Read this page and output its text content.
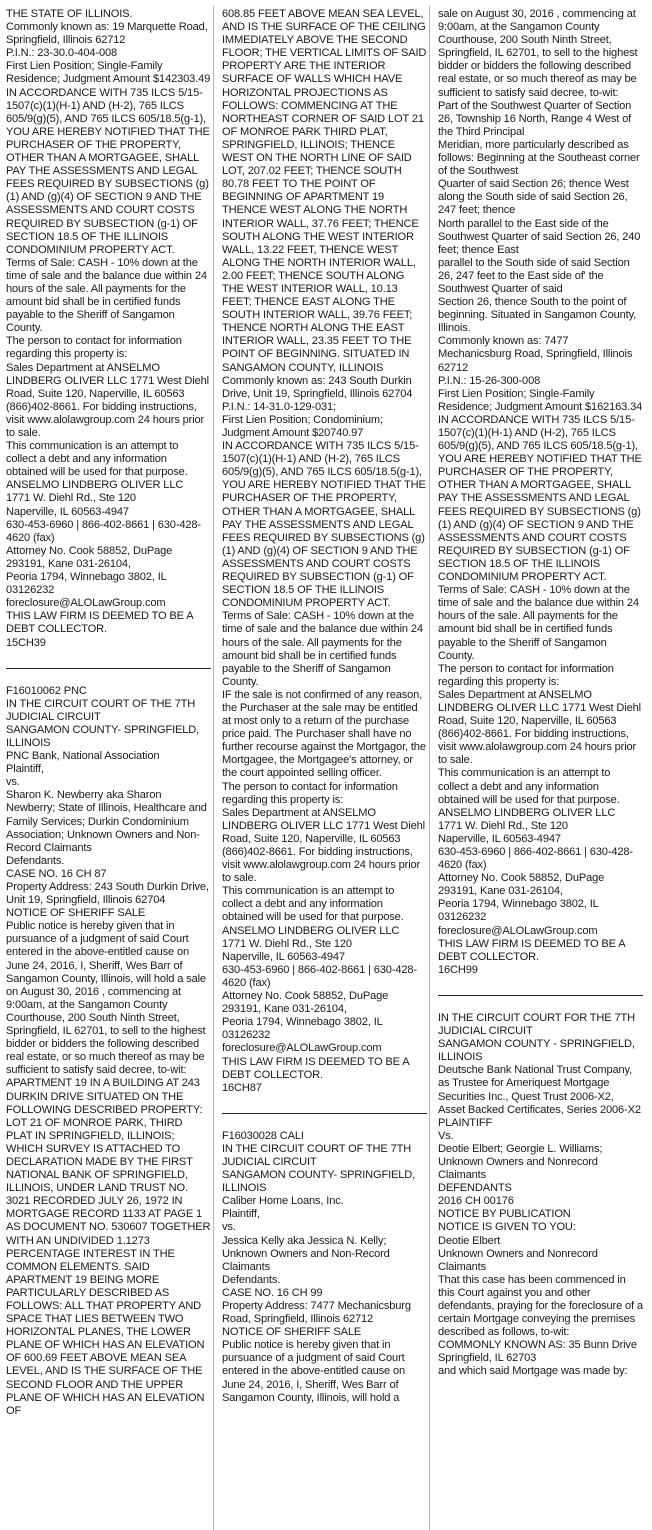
THE STATE OF ILLINOIS.

Commonly known as: 19 Marquette Road, Springfield, Illinois 62712

P.I.N.: 23-30.0-404-008

First Lien Position; Single-Family Residence; Judgment Amount $142303.49

IN ACCORDANCE WITH 735 ILCS 5/15-1507(c)(1)(H-1) AND (H-2), 765 ILCS 605/9(g)(5), AND 765 ILCS 605/18.5(g-1), YOU ARE HEREBY NOTIFIED THAT THE PURCHASER OF THE PROPERTY, OTHER THAN A MORTGAGEE, SHALL PAY THE ASSESSMENTS AND LEGAL FEES REQUIRED BY SUBSECTIONS (g)(1) AND (g)(4) OF SECTION 9 AND THE ASSESSMENTS AND COURT COSTS REQUIRED BY SUBSECTION (g-1) OF SECTION 18.5 OF THE ILLINOIS CONDOMINIUM PROPERTY ACT.

Terms of Sale: CASH - 10% down at the time of sale and the balance due within 24 hours of the sale. All payments for the amount bid shall be in certified funds payable to the Sheriff of Sangamon County.

The person to contact for information regarding this property is:

Sales Department at ANSELMO LINDBERG OLIVER LLC 1771 West Diehl Road, Suite 120, Naperville, IL 60563 (866)402-8661. For bidding instructions, visit www.alolawgroup.com 24 hours prior to sale.

This communication is an attempt to collect a debt and any information obtained will be used for that purpose.

ANSELMO LINDBERG OLIVER LLC

1771 W. Diehl Rd., Ste 120

Naperville, IL 60563-4947

630-453-6960 | 866-402-8661 | 630-428-4620 (fax)

Attorney No. Cook 58852, DuPage 293191, Kane 031-26104,

Peoria 1794, Winnebago 3802, IL 03126232

foreclosure@ALOLawGroup.com

THIS LAW FIRM IS DEEMED TO BE A DEBT COLLECTOR.

15CH39

F16010062 PNC

IN THE CIRCUIT COURT OF THE 7TH JUDICIAL CIRCUIT

SANGAMON COUNTY- SPRINGFIELD, ILLINOIS

PNC Bank, National Association

Plaintiff,

vs.

Sharon K. Newberry aka Sharon Newberry; State of Illinois, Healthcare and Family Services; Durkin Condominium Association; Unknown Owners and Non-Record Claimants

Defendants.

CASE NO. 16 CH 87

Property Address: 243 South Durkin Drive, Unit 19, Springfield, Illinois 62704

NOTICE OF SHERIFF SALE

Public notice is hereby given that in pursuance of a judgment of said Court entered in the above-entitled cause on June 24, 2016, I, Sheriff, Wes Barr of Sangamon County, Illinois, will hold a sale on August 30, 2016 , commencing at 9:00am, at the Sangamon County Courthouse, 200 South Ninth Street, Springfield, IL 62701, to sell to the highest bidder or bidders the following described real estate, or so much thereof as may be sufficient to satisfy said decree, to-wit:

APARTMENT 19 IN A BUILDING AT 243 DURKIN DRIVE SITUATED ON THE FOLLOWING DESCRIBED PROPERTY: LOT 21 OF MONROE PARK, THIRD PLAT IN SPRINGFIELD, ILLINOIS; WHICH SURVEY IS ATTACHED TO DECLARATION MADE BY THE FIRST NATIONAL BANK OF SPRINGFIELD, ILLINOIS, UNDER LAND TRUST NO. 3021 RECORDED JULY 26, 1972 IN MORTGAGE RECORD 1133 AT PAGE 1 AS DOCUMENT NO. 530607 TOGETHER WITH AN UNDIVIDED 1.1273 PERCENTAGE INTEREST IN THE COMMON ELEMENTS. SAID APARTMENT 19 BEING MORE PARTICULARLY DESCRIBED AS FOLLOWS: ALL THAT PROPERTY AND SPACE THAT LIES BETWEEN TWO HORIZONTAL PLANES, THE LOWER PLANE OF WHICH HAS AN ELEVATION OF 600.69 FEET ABOVE MEAN SEA LEVEL, AND IS THE SURFACE OF THE SECOND FLOOR AND THE UPPER PLANE OF WHICH HAS AN ELEVATION OF

608.85 FEET ABOVE MEAN SEA LEVEL, AND IS THE SURFACE OF THE CEILING IMMEDIATELY ABOVE THE SECOND FLOOR; THE VERTICAL LIMITS OF SAID PROPERTY ARE THE INTERIOR SURFACE OF WALLS WHICH HAVE HORIZONTAL PROJECTIONS AS FOLLOWS: COMMENCING AT THE NORTHEAST CORNER OF SAID LOT 21 OF MONROE PARK THIRD PLAT, SPRINGFIELD, ILLINOIS; THENCE WEST ON THE NORTH LINE OF SAID LOT, 207.02 FEET; THENCE SOUTH 80.78 FEET TO THE POINT OF BEGINNING OF APARTMENT 19 THENCE WEST ALONG THE NORTH INTERIOR WALL, 37.76 FEET; THENCE SOUTH ALONG THE WEST INTERIOR WALL, 13.22 FEET, THENCE WEST ALONG THE NORTH INTERIOR WALL, 2.00 FEET; THENCE SOUTH ALONG THE WEST INTERIOR WALL, 10.13 FEET; THENCE EAST ALONG THE SOUTH INTERIOR WALL, 39.76 FEET; THENCE NORTH ALONG THE EAST INTERIOR WALL, 23.35 FEET TO THE POINT OF BEGINNING. SITUATED IN SANGAMON COUNTY, ILLINOIS

Commonly known as: 243 South Durkin Drive, Unit 19, Springfield, Illinois 62704

P.I.N.: 14-31.0-129-031;

First Lien Position; Condominium; Judgment Amount $20740.97

IN ACCORDANCE WITH 735 ILCS 5/15-1507(c)(1)(H-1) AND (H-2), 765 ILCS 605/9(g)(5), AND 765 ILCS 605/18.5(g-1), YOU ARE HEREBY NOTIFIED THAT THE PURCHASER OF THE PROPERTY, OTHER THAN A MORTGAGEE, SHALL PAY THE ASSESSMENTS AND LEGAL FEES REQUIRED BY SUBSECTIONS (g)(1) AND (g)(4) OF SECTION 9 AND THE ASSESSMENTS AND COURT COSTS REQUIRED BY SUBSECTION (g-1) OF SECTION 18.5 OF THE ILLINOIS CONDOMINIUM PROPERTY ACT.

Terms of Sale: CASH - 10% down at the time of sale and the balance due within 24 hours of the sale. All payments for the amount bid shall be in certified funds payable to the Sheriff of Sangamon County.

IF the sale is not confirmed of any reason, the Purchaser at the sale may be entitled at most only to a return of the purchase price paid. The Purchaser shall have no further recourse against the Mortgagor, the Mortgagee, the Mortgagee's attorney, or the court appointed selling officer.

The person to contact for information regarding this property is:

Sales Department at ANSELMO LINDBERG OLIVER LLC 1771 West Diehl Road, Suite 120, Naperville, IL 60563 (866)402-8661. For bidding instructions, visit www.alolawgroup.com 24 hours prior to sale.

This communication is an attempt to collect a debt and any information obtained will be used for that purpose.

ANSELMO LINDBERG OLIVER LLC

1771 W. Diehl Rd., Ste 120

Naperville, IL 60563-4947

630-453-6960 | 866-402-8661 | 630-428-4620 (fax)

Attorney No. Cook 58852, DuPage 293191, Kane 031-26104,

Peoria 1794, Winnebago 3802, IL 03126232

foreclosure@ALOLawGroup.com

THIS LAW FIRM IS DEEMED TO BE A DEBT COLLECTOR.

16CH87

F16030028 CALI

IN THE CIRCUIT COURT OF THE 7TH JUDICIAL CIRCUIT

SANGAMON COUNTY- SPRINGFIELD, ILLINOIS

Caliber Home Loans, Inc.

Plaintiff,

vs.

Jessica Kelly aka Jessica N. Kelly; Unknown Owners and Non-Record Claimants

Defendants.

CASE NO. 16 CH 99

Property Address: 7477 Mechanicsburg Road, Springfield, Illinois 62712

NOTICE OF SHERIFF SALE

Public notice is hereby given that in pursuance of a judgment of said Court entered in the above-entitled cause on June 24, 2016, I, Sheriff, Wes Barr of Sangamon County, Illinois, will hold a

sale on August 30, 2016 , commencing at 9:00am, at the Sangamon County Courthouse, 200 South Ninth Street, Springfield, IL 62701, to sell to the highest bidder or bidders the following described real estate, or so much thereof as may be sufficient to satisfy said decree, to-wit:

Part of the Southwest Quarter of Section 26, Township 16 North, Range 4 West of the Third Principal

Meridian, more particularly described as follows: Beginning at the Southeast corner of the Southwest

Quarter of said Section 26; thence West along the South side of said Section 26, 247 feet; thence

North parallel to the East side of the Southwest Quarter of said Section 26, 240 feet; thence East

parallel to the South side of said Section 26, 247 feet to the East side of' the Southwest Quarter of said

Section 26, thence South to the point of beginning. Situated in Sangamon County, Illinois.

Commonly known as: 7477 Mechanicsburg Road, Springfield, Illinois 62712

P.I.N.: 15-26-300-008

First Lien Position; Single-Family Residence; Judgment Amount $162163.34

IN ACCORDANCE WITH 735 ILCS 5/15-1507(c)(1)(H-1) AND (H-2), 765 ILCS 605/9(g)(5), AND 765 ILCS 605/18.5(g-1), YOU ARE HEREBY NOTIFIED THAT THE PURCHASER OF THE PROPERTY, OTHER THAN A MORTGAGEE, SHALL PAY THE ASSESSMENTS AND LEGAL FEES REQUIRED BY SUBSECTIONS (g)(1) AND (g)(4) OF SECTION 9 AND THE ASSESSMENTS AND COURT COSTS REQUIRED BY SUBSECTION (g-1) OF SECTION 18.5 OF THE ILLINOIS CONDOMINIUM PROPERTY ACT.

Terms of Sale: CASH - 10% down at the time of sale and the balance due within 24 hours of the sale. All payments for the amount bid shall be in certified funds payable to the Sheriff of Sangamon County.

The person to contact for information regarding this property is:

Sales Department at ANSELMO LINDBERG OLIVER LLC 1771 West Diehl Road, Suite 120, Naperville, IL 60563 (866)402-8661. For bidding instructions, visit www.alolawgroup.com 24 hours prior to sale.

This communication is an attempt to collect a debt and any information obtained will be used for that purpose.

ANSELMO LINDBERG OLIVER LLC

1771 W. Diehl Rd., Ste 120

Naperville, IL 60563-4947

630-453-6960 | 866-402-8661 | 630-428-4620 (fax)

Attorney No. Cook 58852, DuPage 293191, Kane 031-26104,

Peoria 1794, Winnebago 3802, IL 03126232

foreclosure@ALOLawGroup.com

THIS LAW FIRM IS DEEMED TO BE A DEBT COLLECTOR.

16CH99

IN THE CIRCUIT COURT FOR THE 7TH JUDICIAL CIRCUIT

SANGAMON COUNTY - SPRINGFIELD, ILLINOIS

Deutsche Bank National Trust Company, as Trustee for Ameriquest Mortgage Securities Inc., Quest Trust 2006-X2, Asset Backed Certificates, Series 2006-X2

PLAINTIFF

Vs.

Deotie Elbert; Georgie L. Williams; Unknown Owners and Nonrecord Claimants

DEFENDANTS

2016 CH 00176

NOTICE BY PUBLICATION

NOTICE IS GIVEN TO YOU:

Deotie Elbert

Unknown Owners and Nonrecord Claimants

That this case has been commenced in this Court against you and other defendants, praying for the foreclosure of a certain Mortgage conveying the premises described as follows, to-wit:

COMMONLY KNOWN AS: 35 Bunn Drive Springfield, IL 62703

and which said Mortgage was made by:
